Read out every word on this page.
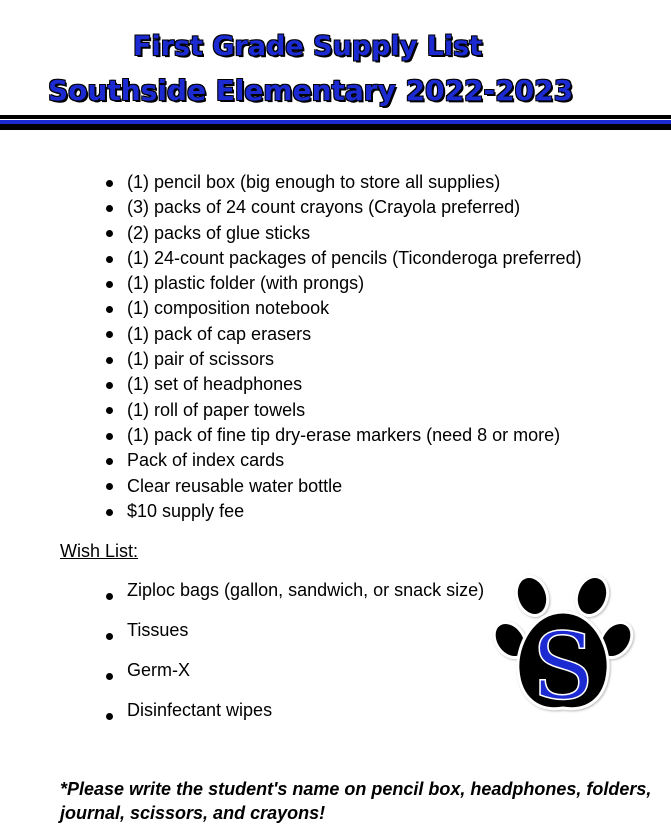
First Grade Supply List
Southside Elementary 2022-2023
(1) pencil box (big enough to store all supplies)
(3) packs of 24 count crayons (Crayola preferred)
(2) packs of glue sticks
(1) 24-count packages of pencils (Ticonderoga preferred)
(1) plastic folder (with prongs)
(1) composition notebook
(1) pack of cap erasers
(1) pair of scissors
(1) set of headphones
(1) roll of paper towels
(1) pack of fine tip dry-erase markers (need 8 or more)
Pack of index cards
Clear reusable water bottle
$10 supply fee
Wish List:
Ziploc bags (gallon, sandwich, or snack size)
Tissues
Germ-X
Disinfectant wipes	S
*Please write the student's name on pencil box, headphones, folders, journal, scissors, and crayons!
